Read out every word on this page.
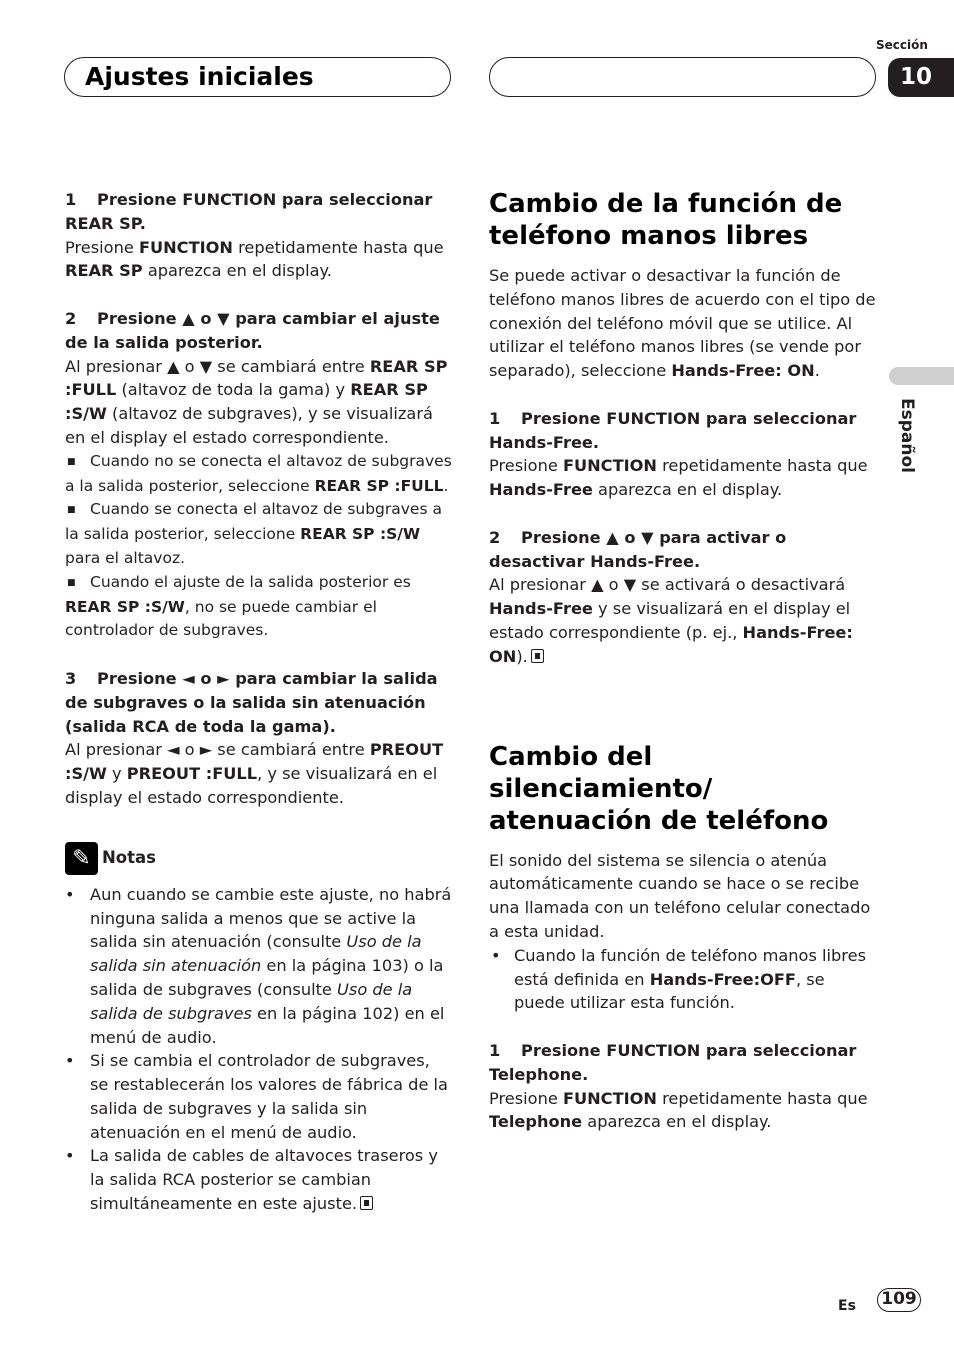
Ajustes iniciales
Sección
10
Español

1 Presione FUNCTION para seleccionar REAR SP.

Presione FUNCTION repetidamente hasta que REAR SP aparezca en el display.

2 Presione ▲ o ▼ para cambiar el ajuste de la salida posterior.

Al presionar ▲ o ▼ se cambiará entre REAR SP :FULL (altavoz de toda la gama) y REAR SP :S/W (altavoz de subgraves), y se visualizará en el display el estado correspondiente.

■ Cuando no se conecta el altavoz de subgraves a la salida posterior, seleccione REAR SP :FULL.

■ Cuando se conecta el altavoz de subgraves a la salida posterior, seleccione REAR SP :S/W para el altavoz.

■ Cuando el ajuste de la salida posterior es REAR SP :S/W, no se puede cambiar el controlador de subgraves.

3 Presione ◄ o ► para cambiar la salida de subgraves o la salida sin atenuación (salida RCA de toda la gama).

Al presionar ◄ o ► se cambiará entre PREOUT :S/W y PREOUT :FULL, y se visualizará en el display el estado correspondiente.

✎ Notas

• Aun cuando se cambie este ajuste, no habrá ninguna salida a menos que se active la salida sin atenuación (consulte Uso de la salida sin atenuación en la página 103) o la salida de subgraves (consulte Uso de la salida de subgraves en la página 102) en el menú de audio.
• Si se cambia el controlador de subgraves, se restablecerán los valores de fábrica de la salida de subgraves y la salida sin atenuación en el menú de audio.
• La salida de cables de altavoces traseros y la salida RCA posterior se cambian simultáneamente en este ajuste.
Cambio de la función de teléfono manos libres

Se puede activar o desactivar la función de teléfono manos libres de acuerdo con el tipo de conexión del teléfono móvil que se utilice. Al utilizar el teléfono manos libres (se vende por separado), seleccione Hands-Free: ON.

1 Presione FUNCTION para seleccionar Hands-Free.

Presione FUNCTION repetidamente hasta que Hands-Free aparezca en el display.

2 Presione ▲ o ▼ para activar o desactivar Hands-Free.

Al presionar ▲ o ▼ se activará o desactivará Hands-Free y se visualizará en el display el estado correspondiente (p. ej., Hands-Free: ON).

Cambio del silenciamiento/ atenuación de teléfono

El sonido del sistema se silencia o atenúa automáticamente cuando se hace o se recibe una llamada con un teléfono celular conectado a esta unidad.

• Cuando la función de teléfono manos libres está definida en Hands-Free:OFF, se puede utilizar esta función.

1 Presione FUNCTION para seleccionar Telephone.

Presione FUNCTION repetidamente hasta que Telephone aparezca en el display.

Es 109
